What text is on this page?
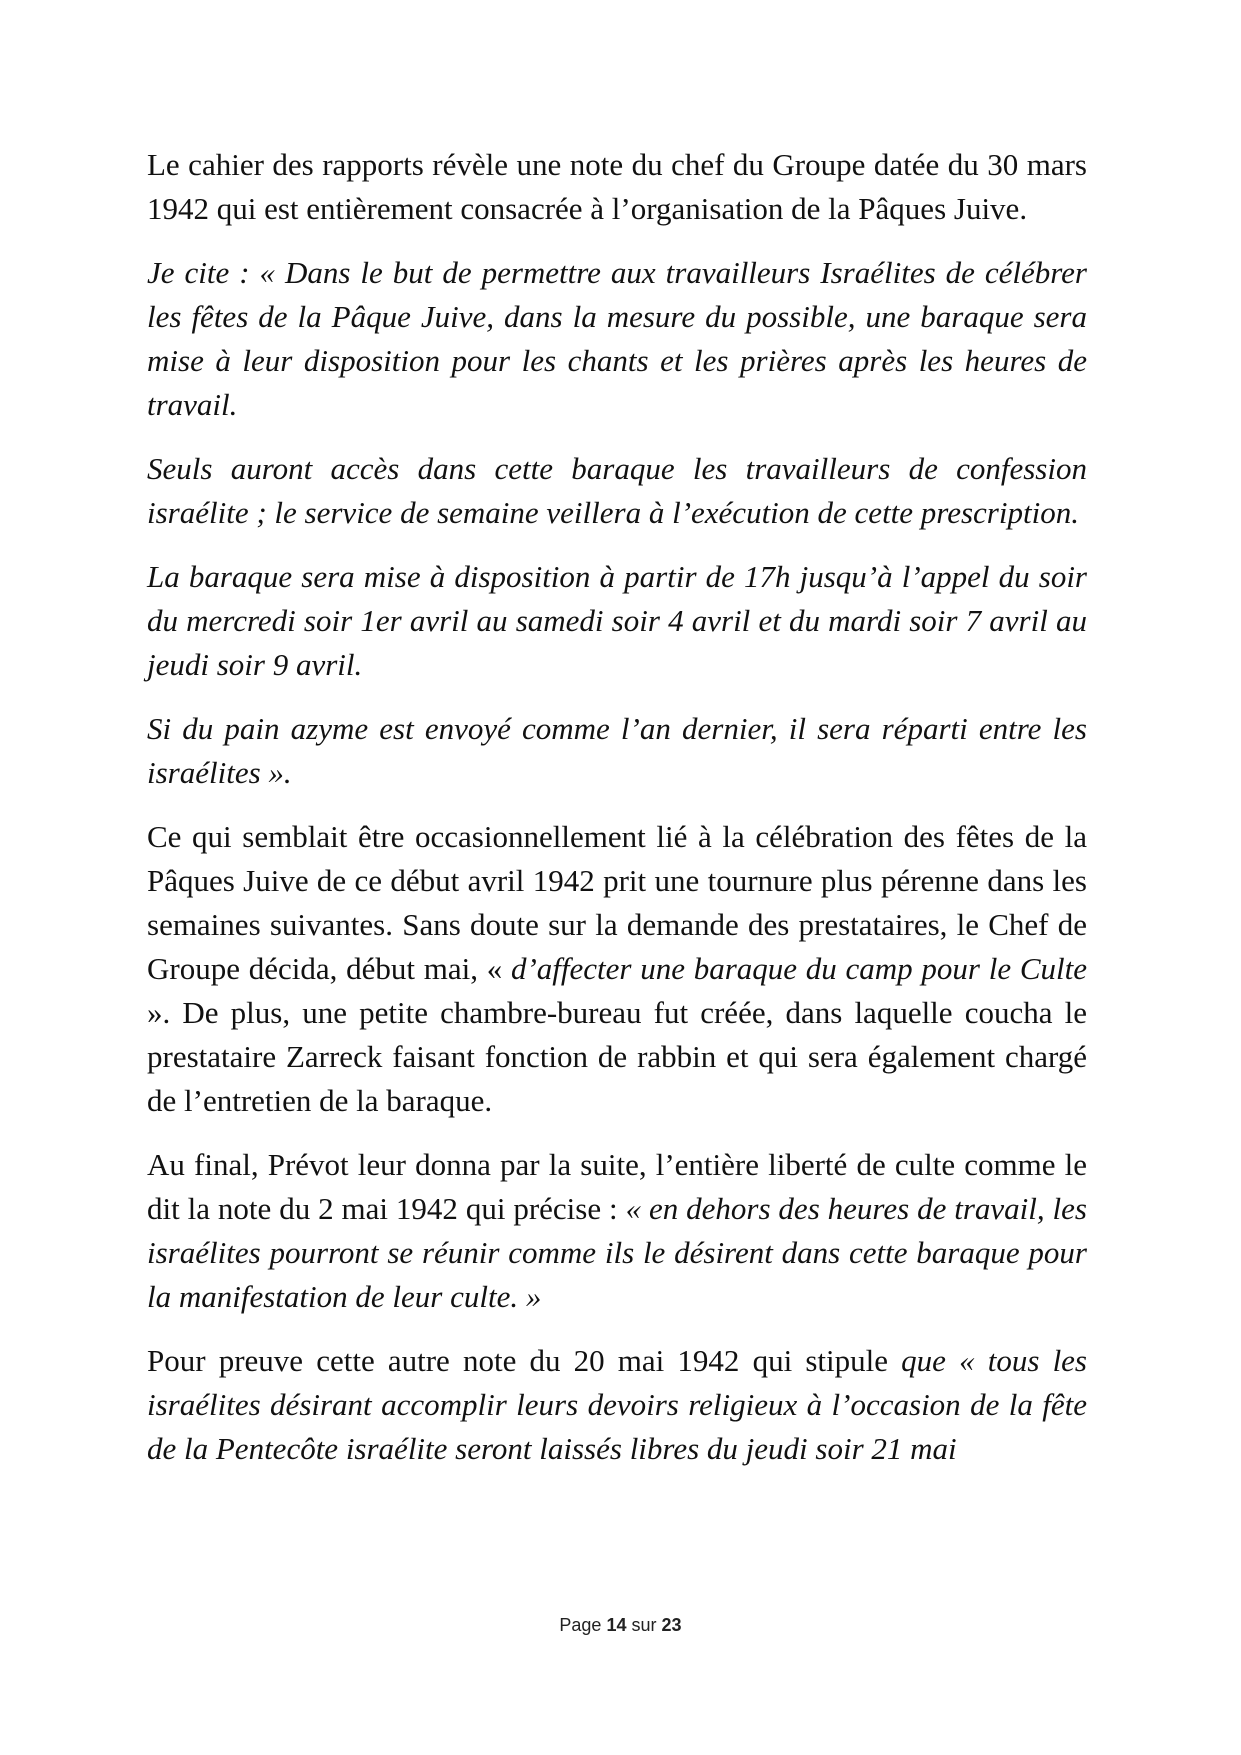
Le cahier des rapports révèle une note du chef du Groupe datée du 30 mars 1942 qui est entièrement consacrée à l’organisation de la Pâques Juive.

Je cite : « Dans le but de permettre aux travailleurs Israélites de célébrer les fêtes de la Pâque Juive, dans la mesure du possible, une baraque sera mise à leur disposition pour les chants et les prières après les heures de travail.

Seuls auront accès dans cette baraque les travailleurs de confession israélite ; le service de semaine veillera à l’exécution de cette prescription.

La baraque sera mise à disposition à partir de 17h jusqu’à l’appel du soir du mercredi soir 1er avril au samedi soir 4 avril et du mardi soir 7 avril au jeudi soir 9 avril.

Si du pain azyme est envoyé comme l’an dernier, il sera réparti entre les israélites ».

Ce qui semblait être occasionnellement lié à la célébration des fêtes de la Pâques Juive de ce début avril 1942 prit une tournure plus pérenne dans les semaines suivantes. Sans doute sur la demande des prestataires, le Chef de Groupe décida, début mai, « d’affecter une baraque du camp pour le Culte ». De plus, une petite chambre-bureau fut créée, dans laquelle coucha le prestataire Zarreck faisant fonction de rabbin et qui sera également chargé de l’entretien de la baraque.

Au final, Prévot leur donna par la suite, l’entière liberté de culte comme le dit la note du 2 mai 1942 qui précise : « en dehors des heures de travail, les israélites pourront se réunir comme ils le désirent dans cette baraque pour la manifestation de leur culte. »

Pour preuve cette autre note du 20 mai 1942 qui stipule que « tous les israélites désirant accomplir leurs devoirs religieux à l’occasion de la fête de la Pentecôte israélite seront laissés libres du jeudi soir 21 mai

Page 14 sur 23
